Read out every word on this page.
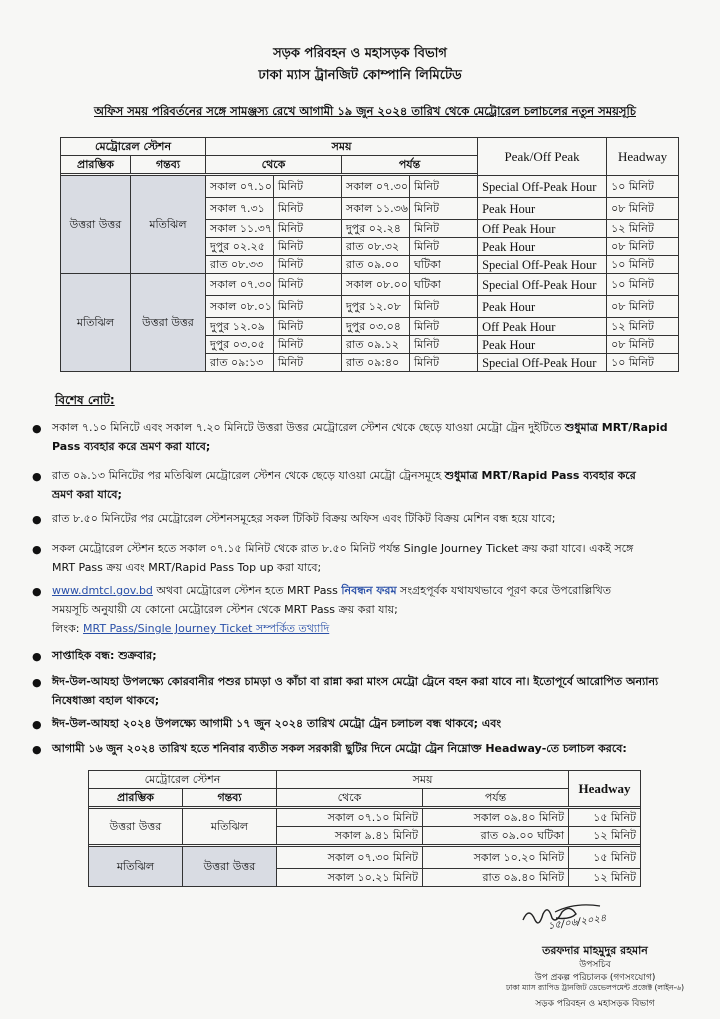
সড়ক পরিবহন ও মহাসড়ক বিভাগ
ঢাকা ম্যাস ট্রানজিট কোম্পানি লিমিটেড
অফিস সময় পরিবর্তনের সঙ্গে সামঞ্জস্য রেখে আগামী ১৯ জুন ২০২৪ তারিখ থেকে মেট্রোরেল চলাচলের নতুন সময়সূচি
মেট্রোরেল স্টেশন		সময়				Peak/Off Peak	Headway
প্রারম্ভিক	গন্তব্য	থেকে		পর্যন্ত			

উত্তরা উত্তর	মতিঝিল	সকাল ০৭.১০	মিনিট	সকাল ০৭.৩০	মিনিট	Special Off-Peak Hour	১০ মিনিট
		সকাল ৭.৩১	মিনিট	সকাল ১১.৩৬	মিনিট	Peak Hour	০৮ মিনিট
		সকাল ১১.৩৭	মিনিট	দুপুর ০২.২৪	মিনিট	Off Peak Hour	১২ মিনিট
		দুপুর ০২.২৫	মিনিট	রাত ০৮.৩২	মিনিট	Peak Hour	০৮ মিনিট
		রাত ০৮.৩৩	মিনিট	রাত ০৯.০০	ঘটিকা	Special Off-Peak Hour	১০ মিনিট
মতিঝিল	উত্তরা উত্তর	সকাল ০৭.৩০	মিনিট	সকাল ০৮.০০	ঘটিকা	Special Off-Peak Hour	১০ মিনিট
		সকাল ০৮.০১	মিনিট	দুপুর ১২.০৮	মিনিট	Peak Hour	০৮ মিনিট
		দুপুর ১২.০৯	মিনিট	দুপুর ০৩.০৪	মিনিট	Off Peak Hour	১২ মিনিট
		দুপুর ০৩.০৫	মিনিট	রাত ০৯.১২	মিনিট	Peak Hour	০৮ মিনিট
		রাত ০৯:১৩	মিনিট	রাত ০৯:৪০	মিনিট	Special Off-Peak Hour	১০ মিনিট
বিশেষ নোট:
● সকাল ৭.১০ মিনিটে এবং সকাল ৭.২০ মিনিটে উত্তরা উত্তর মেট্রোরেল স্টেশন থেকে ছেড়ে যাওয়া মেট্রো ট্রেন দুইটিতে শুধুমাত্র MRT/Rapid
Pass ব্যবহার করে ভ্রমণ করা যাবে;
● রাত ০৯.১৩ মিনিটের পর মতিঝিল মেট্রোরেল স্টেশন থেকে ছেড়ে যাওয়া মেট্রো ট্রেনসমূহে শুধুমাত্র MRT/Rapid Pass ব্যবহার করে
ভ্রমণ করা যাবে;
● রাত ৮.৫০ মিনিটের পর মেট্রোরেল স্টেশনসমূহের সকল টিকিট বিক্রয় অফিস এবং টিকিট বিক্রয় মেশিন বন্ধ হয়ে যাবে;
● সকল মেট্রোরেল স্টেশন হতে সকাল ০৭.১৫ মিনিট থেকে রাত ৮.৫০ মিনিট পর্যন্ত Single Journey Ticket ক্রয় করা যাবে। একই সঙ্গে
MRT Pass ক্রয় এবং MRT/Rapid Pass Top up করা যাবে;
● www.dmtcl.gov.bd অথবা মেট্রোরেল স্টেশন হতে MRT Pass নিবন্ধন ফরম সংগ্রহপূর্বক যথাযথভাবে পূরণ করে উপরোল্লিখিত
সময়সূচি অনুযায়ী যে কোনো মেট্রোরেল স্টেশন থেকে MRT Pass ক্রয় করা যায়;
লিংক: MRT Pass/Single Journey Ticket সম্পর্কিত তথ্যাদি
● সাপ্তাহিক বন্ধ: শুক্রবার;
● ঈদ-উল-আযহা উপলক্ষ্যে কোরবানীর পশুর চামড়া ও কাঁচা বা রান্না করা মাংস মেট্রো ট্রেনে বহন করা যাবে না। ইতোপূর্বে আরোপিত অন্যান্য
নিষেধাজ্ঞা বহাল থাকবে;
● ঈদ-উল-আযহা ২০২৪ উপলক্ষ্যে আগামী ১৭ জুন ২০২৪ তারিখ মেট্রো ট্রেন চলাচল বন্ধ থাকবে; এবং
● আগামী ১৬ জুন ২০২৪ তারিখ হতে শনিবার ব্যতীত সকল সরকারী ছুটির দিনে মেট্রো ট্রেন নিম্নোক্ত Headway-তে চলাচল করবে:
মেট্রোরেল স্টেশন		সময়		Headway
প্রারম্ভিক	গন্তব্য	থেকে	পর্যন্ত	

উত্তরা উত্তর	মতিঝিল	সকাল ০৭.১০ মিনিট	সকাল ০৯.৪০ মিনিট	১৫ মিনিট
		সকাল ৯.৪১ মিনিট	রাত ০৯.০০ ঘটিকা	১২ মিনিট

মতিঝিল	উত্তরা উত্তর	সকাল ০৭.৩০ মিনিট	সকাল ১০.২০ মিনিট	১৫ মিনিট
		সকাল ১০.২১ মিনিট	রাত ০৯.৪০ মিনিট	১২ মিনিট
১৫/০৬/২০২৪
তরফদার মাহমুদুর রহমান
উপসচিব
উপ প্রকল্প পরিচালক (গণসংযোগ)
ঢাকা ম্যাস র‍্যাপিড ট্রানজিট ডেভেলপমেন্ট প্রজেক্ট (লাইন-৬)
সড়ক পরিবহন ও মহাসড়ক বিভাগ
